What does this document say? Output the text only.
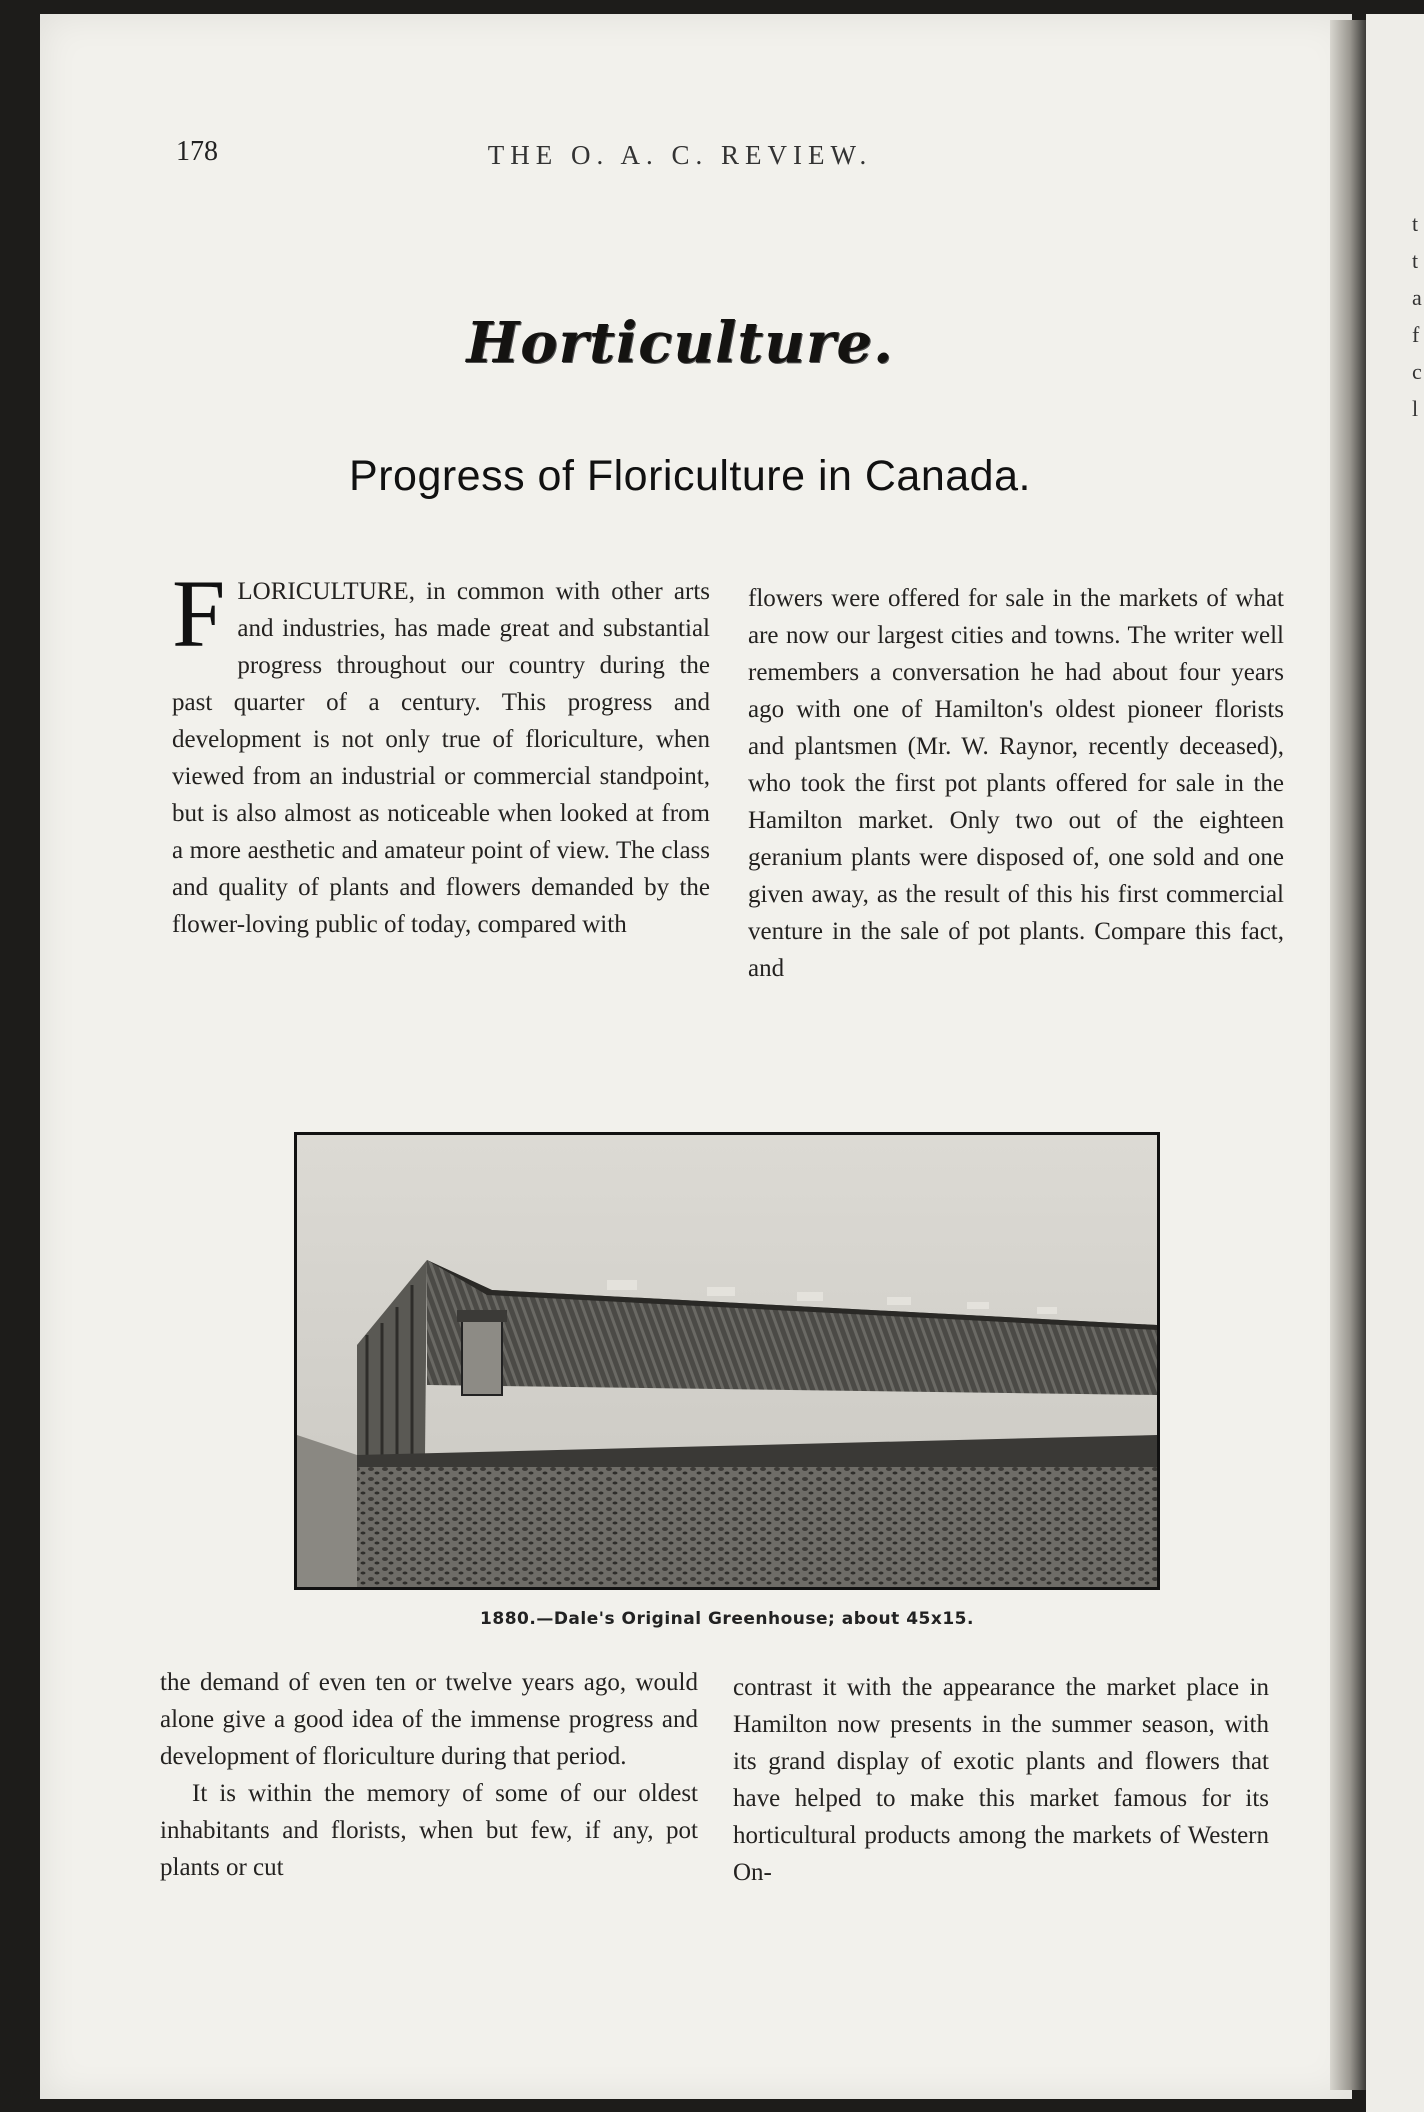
t
t
a
f
c
l
178	THE O. A. C. REVIEW.
Horticulture.
Progress of Floriculture in Canada.

FLORICULTURE, in common with other arts and industries, has made great and substantial progress throughout our country during the past quarter of a century. This progress and development is not only true of floriculture, when viewed from an industrial or commercial standpoint, but is also almost as noticeable when looked at from a more aesthetic and amateur point of view. The class and quality of plants and flowers demanded by the flower-loving public of today, compared with

flowers were offered for sale in the markets of what are now our largest cities and towns. The writer well remembers a conversation he had about four years ago with one of Hamilton's oldest pioneer florists and plantsmen (Mr. W. Raynor, recently deceased), who took the first pot plants offered for sale in the Hamilton market. Only two out of the eighteen geranium plants were disposed of, one sold and one given away, as the result of this his first commercial venture in the sale of pot plants. Compare this fact, and

1880.—Dale's Original Greenhouse; about 45x15.

the demand of even ten or twelve years ago, would alone give a good idea of the immense progress and development of floriculture during that period.

It is within the memory of some of our oldest inhabitants and florists, when but few, if any, pot plants or cut

contrast it with the appearance the market place in Hamilton now presents in the summer season, with its grand display of exotic plants and flowers that have helped to make this market famous for its horticultural products among the markets of Western On-
